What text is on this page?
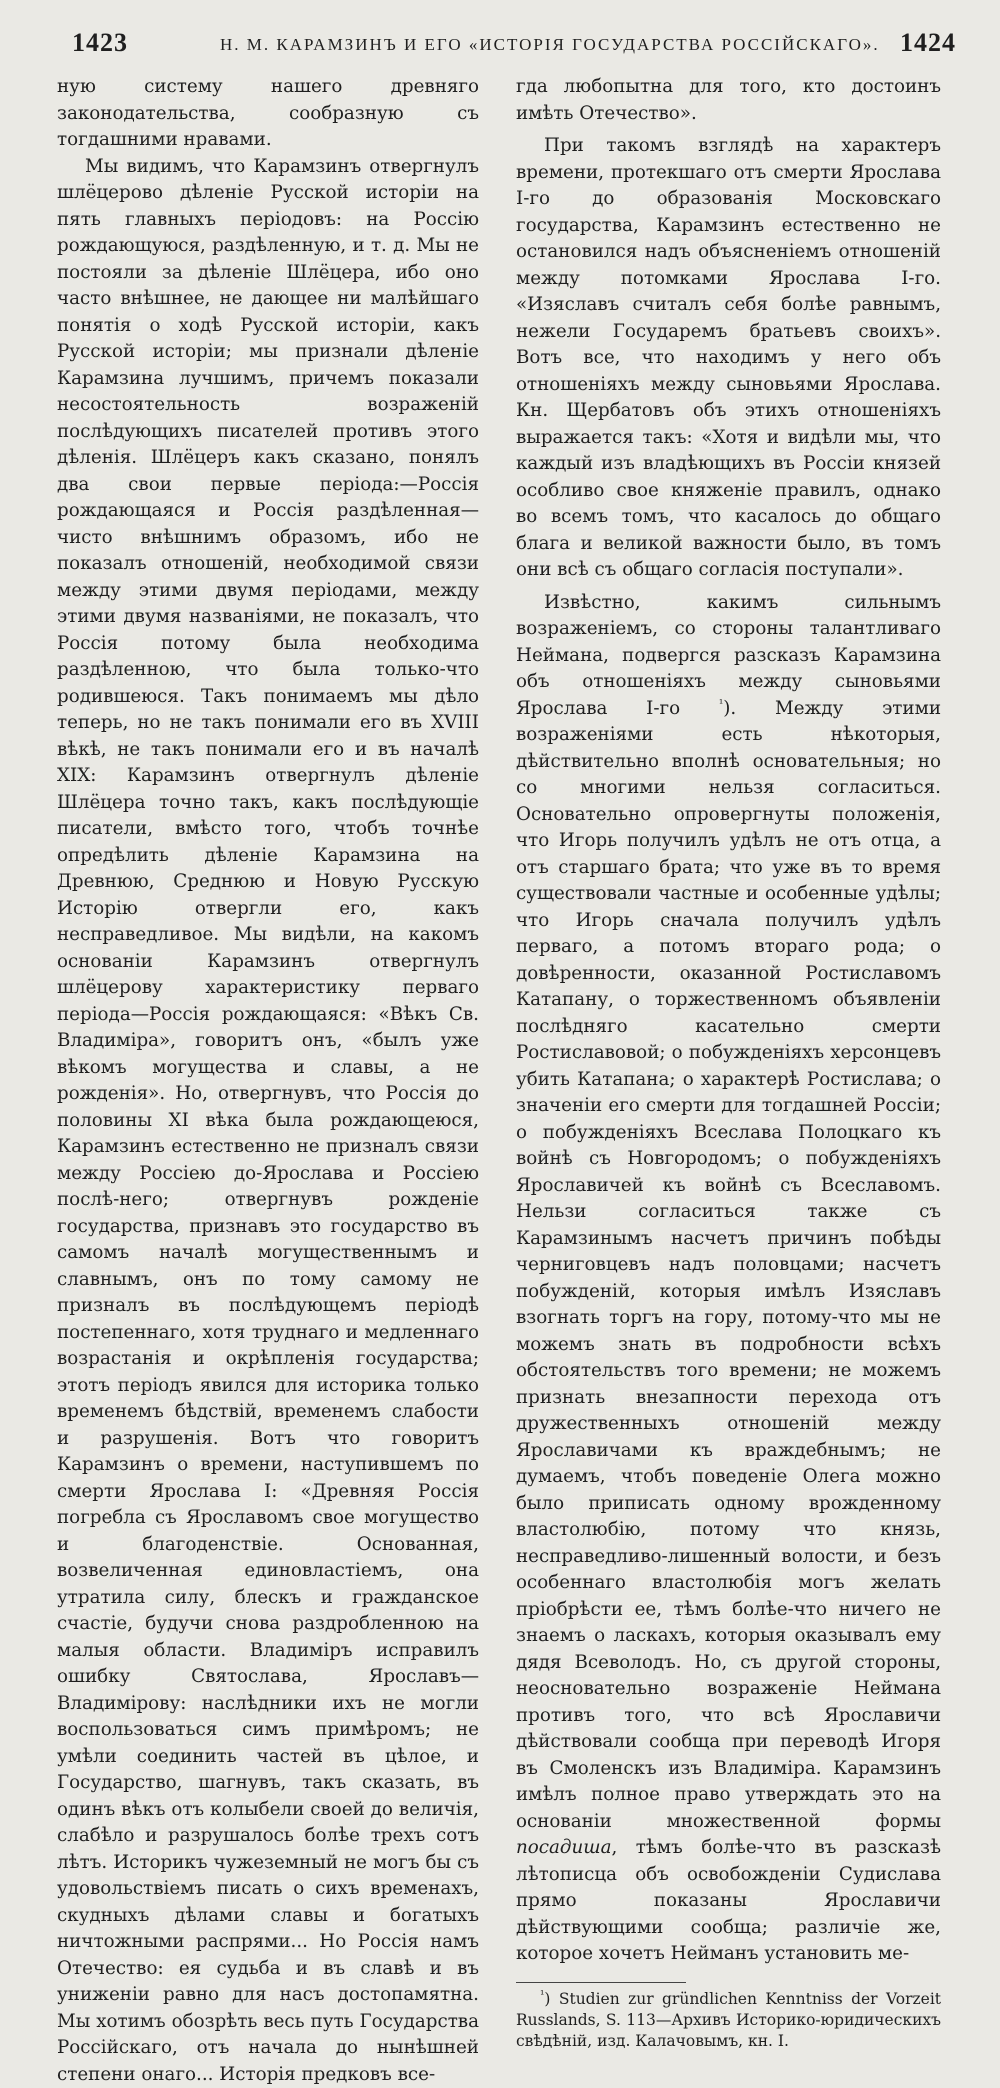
1423	Н. М. КАРАМЗИНЪ И ЕГО «ИСТОРІЯ ГОСУДАРСТВА РОССІЙСКАГО». 1424

ную систему нашего древняго законодательства, сообразную съ тогдашними нравами.

Мы видимъ, что Карамзинъ отвергнулъ шлёцерово дѣленіе Русской исторіи на пять главныхъ періодовъ: на Россію рождающуюся, раздѣленную, и т. д. Мы не постояли за дѣленіе Шлёцера, ибо оно часто внѣшнее, не дающее ни малѣйшаго понятія о ходѣ Русской исторіи, какъ Русской исторіи; мы признали дѣленіе Карамзина лучшимъ, причемъ показали несостоятельность возраженій послѣдующихъ писателей противъ этого дѣленія. Шлёцеръ какъ сказано, понялъ два свои первые періода:—Россія рождающаяся и Россія раздѣленная—чисто внѣшнимъ образомъ, ибо не показалъ отношеній, необходимой связи между этими двумя періодами, между этими двумя названіями, не показалъ, что Россія потому была необходима раздѣленною, что была только-что родившеюся. Такъ понимаемъ мы дѣло теперь, но не такъ понимали его въ XVIII вѣкѣ, не такъ понимали его и въ началѣ XIX: Карамзинъ отвергнулъ дѣленіе Шлёцера точно такъ, какъ послѣдующіе писатели, вмѣсто того, чтобъ точнѣе опредѣлить дѣленіе Карамзина на Древнюю, Среднюю и Новую Русскую Исторію отвергли его, какъ несправедливое. Мы видѣли, на какомъ основаніи Карамзинъ отвергнулъ шлёцерову характеристику перваго періода—Россія рождающаяся: «Вѣкъ Св. Владиміра», говоритъ онъ, «былъ уже вѣкомъ могущества и славы, а не рожденія». Но, отвергнувъ, что Россія до половины XI вѣка была рождающеюся, Карамзинъ естественно не призналъ связи между Россіею до-Ярослава и Россіею послѣ-него; отвергнувъ рожденіе государства, признавъ это государство въ самомъ началѣ могущественнымъ и славнымъ, онъ по тому самому не призналъ въ послѣдующемъ періодѣ постепеннаго, хотя труднаго и медленнаго возрастанія и окрѣпленія государства; этотъ періодъ явился для историка только временемъ бѣдствій, временемъ слабости и разрушенія. Вотъ что говоритъ Карамзинъ о времени, наступившемъ по смерти Ярослава I: «Древняя Россія погребла съ Ярославомъ свое могущество и благоденствіе. Основанная, возвеличенная единовластіемъ, она утратила силу, блескъ и гражданское счастіе, будучи снова раздробленною на малыя области. Владиміръ исправилъ ошибку Святослава, Ярославъ—Владимірову: наслѣдники ихъ не могли воспользоваться симъ примѣромъ; не умѣли соединить частей въ цѣлое, и Государство, шагнувъ, такъ сказать, въ одинъ вѣкъ отъ колыбели своей до величія, слабѣло и разрушалось болѣе трехъ сотъ лѣтъ. Историкъ чужеземный не могъ бы съ удовольствіемъ писать о сихъ временахъ, скудныхъ дѣлами славы и богатыхъ ничтожными распрями... Но Россія намъ Отечество: ея судьба и въ славѣ и въ униженіи равно для насъ достопамятна. Мы хотимъ обозрѣть весь путь Государства Россійскаго, отъ начала до нынѣшней степени онаго... Исторія предковъ все-

гда любопытна для того, кто достоинъ имѣть Отечество».

При такомъ взглядѣ на характеръ времени, протекшаго отъ смерти Ярослава I-го до образованія Московскаго государства, Карамзинъ естественно не остановился надъ объясненіемъ отношеній между потомками Ярослава I-го. «Изяславъ считалъ себя болѣе равнымъ, нежели Государемъ братьевъ своихъ». Вотъ все, что находимъ у него объ отношеніяхъ между сыновьями Ярослава. Кн. Щербатовъ объ этихъ отношеніяхъ выражается такъ: «Хотя и видѣли мы, что каждый изъ владѣющихъ въ Россіи князей особливо свое княженіе правилъ, однако во всемъ томъ, что касалось до общаго блага и великой важности было, въ томъ они всѣ съ общаго согласія поступали».

Извѣстно, какимъ сильнымъ возраженіемъ, со стороны талантливаго Неймана, подвергся разсказъ Карамзина объ отношеніяхъ между сыновьями Ярослава I-го	$^{^1}$). Между этими возраженіями есть нѣкоторыя, дѣйствительно вполнѣ основательныя; но со многими нельзя согласиться. Основательно опровергнуты положенія, что Игорь получилъ удѣлъ не отъ отца, а отъ старшаго брата; что уже въ то время существовали частные и особенные удѣлы; что Игорь сначала получилъ удѣлъ перваго, а потомъ втораго рода; о довѣренности, оказанной Ростиславомъ Катапану, о торжественномъ объявленіи послѣдняго касательно смерти Ростиславовой; о побужденіяхъ херсонцевъ убить Катапана; о характерѣ Ростислава; о значеніи его смерти для тогдашней Россіи; о побужденіяхъ Всеслава Полоцкаго къ войнѣ съ Новгородомъ; о побужденіяхъ Ярославичей къ войнѣ съ Всеславомъ. Нельзи согласиться также съ Карамзинымъ насчетъ причинъ побѣды черниговцевъ надъ половцами; насчетъ побужденій, которыя имѣлъ Изяславъ взогнать торгъ на гору, потому-что мы не можемъ знать въ подробности всѣхъ обстоятельствъ того времени; не можемъ признать внезапности перехода отъ дружественныхъ отношеній между Ярославичами къ враждебнымъ; не думаемъ, чтобъ поведеніе Олега можно было приписать одному врожденному властолюбію, потому что князь, несправедливо-лишенный волости, и безъ особеннаго властолюбія могъ желать пріобрѣсти ее, тѣмъ болѣе-что ничего не знаемъ о ласкахъ, которыя оказывалъ ему дядя Всеволодъ. Но, съ другой стороны, неосновательно возраженіе Неймана противъ того, что всѣ Ярославичи дѣйствовали сообща при переводѣ Игоря въ Смоленскъ изъ Владиміра. Карамзинъ имѣлъ полное право утверждать это на основаніи множественной формы посадиша, тѣмъ болѣе-что въ разсказѣ лѣтописца объ освобожденіи Судислава прямо показаны Ярославичи дѣйствующими сообща; различіе же, которое хочетъ Нейманъ установить ме-

$^{^1}$) Studien zur gründlichen Kenntniss der Vorzeit Russlands, S. 113—Архивъ Историко-юридическихъ свѣдѣній, изд. Калачовымъ, кн. I.
